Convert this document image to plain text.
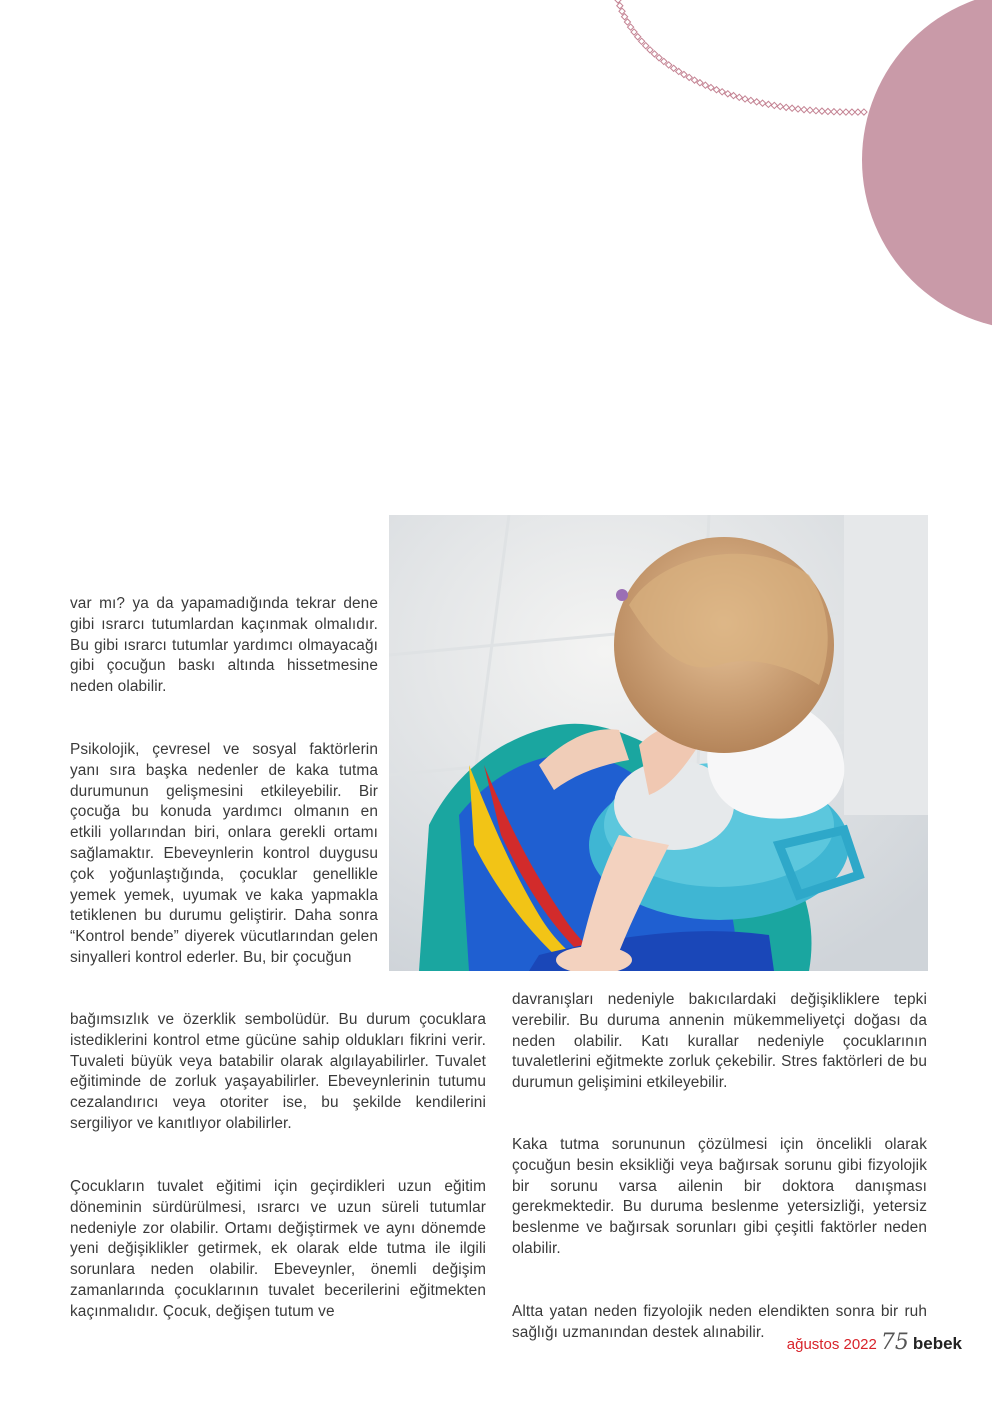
var mı? ya da yapamadığında tekrar dene gibi ısrarcı tutumlardan kaçınmak olmalıdır. Bu gibi ısrarcı tutumlar yardımcı olmayacağı gibi çocuğun baskı altında hissetmesine neden olabilir.

Psikolojik, çevresel ve sosyal faktörlerin yanı sıra başka nedenler de kaka tutma durumunun gelişmesini etkileyebilir. Bir çocuğa bu konuda yardımcı olmanın en etkili yollarından biri, onlara gerekli ortamı sağlamaktır. Ebeveynlerin kontrol duygusu çok yoğunlaştığında, çocuklar genellikle yemek yemek, uyumak ve kaka yapmakla tetiklenen bu durumu geliştirir. Daha sonra “Kontrol bende” diyerek vücutlarından gelen sinyalleri kontrol ederler. Bu, bir çocuğun

bağımsızlık ve özerklik sembolüdür. Bu durum çocuklara istediklerini kontrol etme gücüne sahip oldukları fikrini verir. Tuvaleti büyük veya batabilir olarak algılayabilirler. Tuvalet eğitiminde de zorluk yaşayabilirler. Ebeveynlerinin tutumu cezalandırıcı veya otoriter ise, bu şekilde kendilerini sergiliyor ve kanıtlıyor olabilirler.

Çocukların tuvalet eğitimi için geçirdikleri uzun eğitim döneminin sürdürülmesi, ısrarcı ve uzun süreli tutumlar nedeniyle zor olabilir. Ortamı değiştirmek ve aynı dönemde yeni değişiklikler getirmek, ek olarak elde tutma ile ilgili sorunlara neden olabilir. Ebeveynler, önemli değişim zamanlarında çocuklarının tuvalet becerilerini eğitmekten kaçınmalıdır. Çocuk, değişen tutum ve

davranışları nedeniyle bakıcılardaki değişikliklere tepki verebilir. Bu duruma annenin mükemmeliyetçi doğası da neden olabilir. Katı kurallar nedeniyle çocuklarının tuvaletlerini eğitmekte zorluk çekebilir. Stres faktörleri de bu durumun gelişimini etkileyebilir.

Kaka tutma sorununun çözülmesi için öncelikli olarak çocuğun besin eksikliği veya bağırsak sorunu gibi fizyolojik bir sorunu varsa ailenin bir doktora danışması gerekmektedir. Bu duruma beslenme yetersizliği, yetersiz beslenme ve bağırsak sorunları gibi çeşitli faktörler neden olabilir.

Altta yatan neden fizyolojik neden elendikten sonra bir ruh sağlığı uzmanından destek alınabilir.

ağustos 2022 75 bebek
